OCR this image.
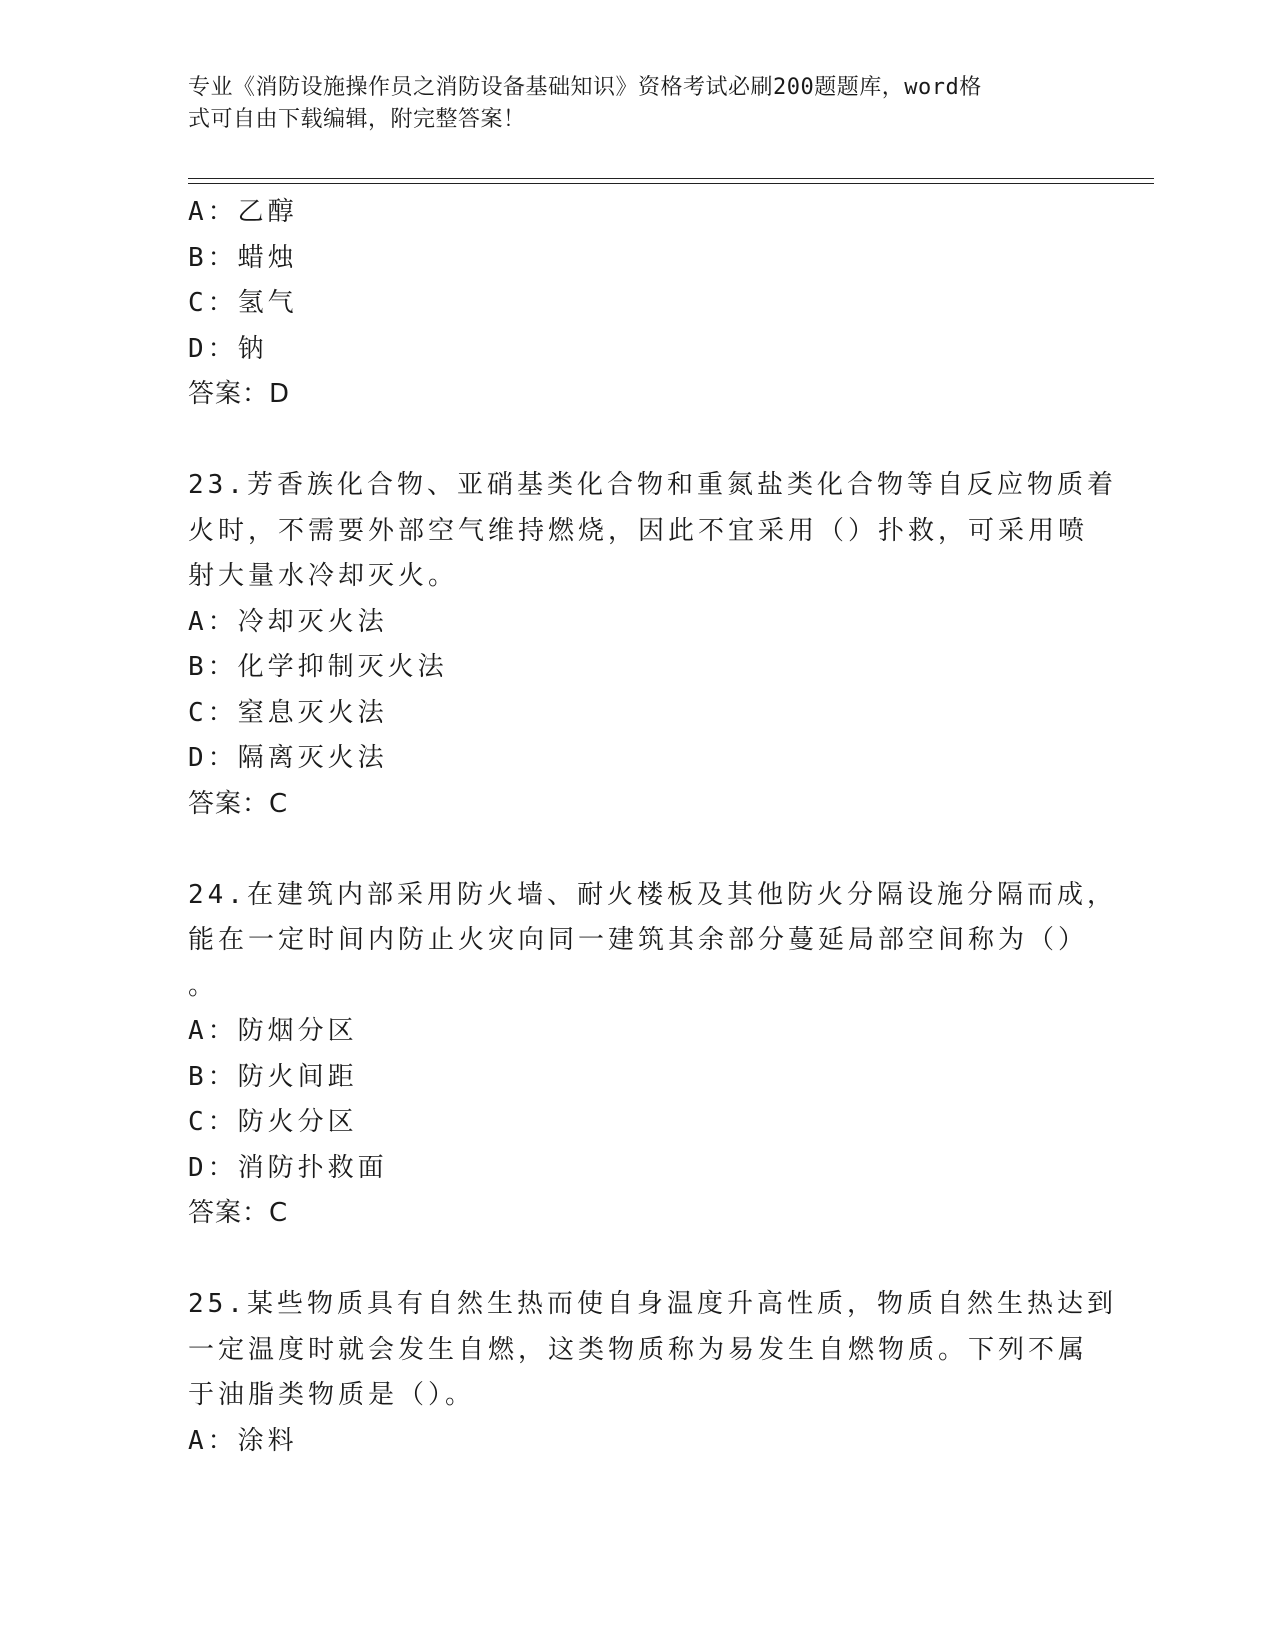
专业《消防设施操作员之消防设备基础知识》资格考试必刷200题题库，word格
式可自由下载编辑，附完整答案！
A：乙醇
B：蜡烛
C：氢气
D：钠
答案：D
23.芳香族化合物、亚硝基类化合物和重氮盐类化合物等自反应物质着
火时，不需要外部空气维持燃烧，因此不宜采用（）扑救，可采用喷
射大量水冷却灭火。
A：冷却灭火法
B：化学抑制灭火法
C：窒息灭火法
D：隔离灭火法
答案：C
24.在建筑内部采用防火墙、耐火楼板及其他防火分隔设施分隔而成，
能在一定时间内防止火灾向同一建筑其余部分蔓延局部空间称为（）
。
A：防烟分区
B：防火间距
C：防火分区
D：消防扑救面
答案：C
25.某些物质具有自然生热而使自身温度升高性质，物质自然生热达到
一定温度时就会发生自燃，这类物质称为易发生自燃物质。下列不属
于油脂类物质是（）。
A：涂料
